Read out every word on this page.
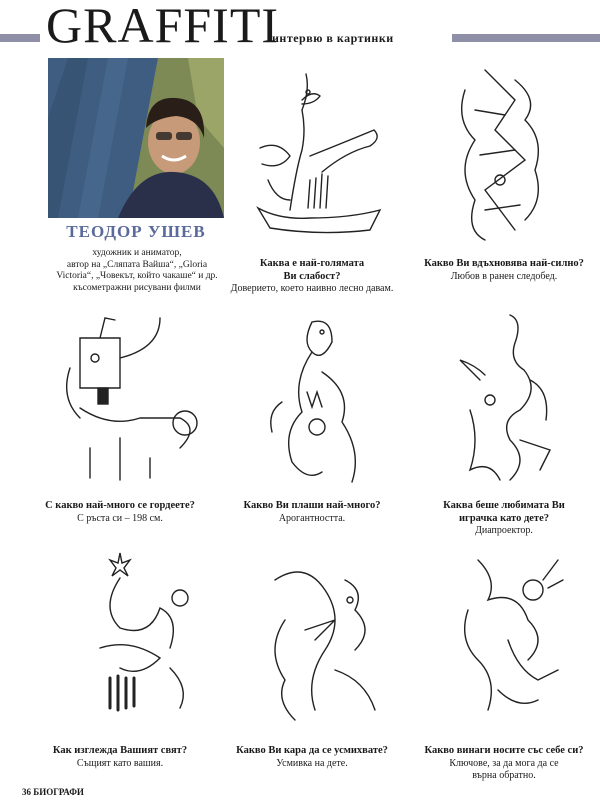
GRAFFITI
интервю в картинки
ТЕОДОР УШЕВ
художник и аниматор,
автор на „Сляпата Вайша“, „Gloria
Victoria“, „Човекът, който чакаше“ и др.
късометражни рисувани филми
Каква е най-голямата
Ви слабост?
Доверието, което наивно лесно давам.
Какво Ви вдъхновява най-силно?
Любов в ранен следобед.
С какво най-много се гордеете?
С ръста си – 198 см.
Какво Ви плаши най-много?
Арогантността.
Каква беше любимата Ви
играчка като дете?
Диапроектор.
Как изглежда Вашият свят?
Същият като вашия.
Какво Ви кара да се усмихвате?
Усмивка на дете.
Какво винаги носите със себе си?
Ключове, за да мога да се
върна обратно.
36 БИОГРАФИ
